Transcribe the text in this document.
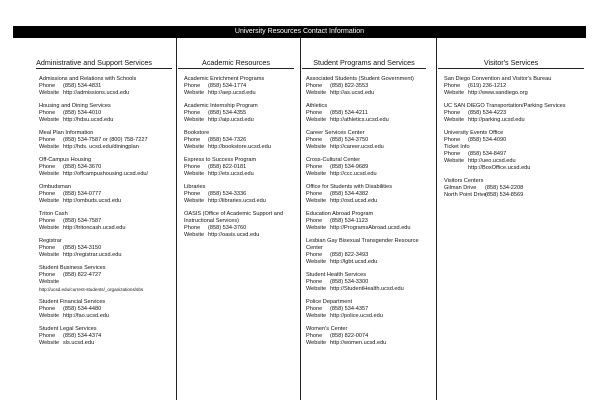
University Resources Contact Information
Administrative and Support Services
Admissions and Relations with Schools
Phone (858) 534-4831
Website http://admissions.ucsd.edu
Housing and Dining Services
Phone (858) 534-4010
Website http://hdsu.ucsd.edu
Meal Plan Information
Phone (858) 534-7587 or (800) 758-7227
Website http://hds. ucsd.edu/diningplan
Off-Campus Housing
Phone (858) 534-3670
Website http://offcampushousing.ucsd.edu/
Ombudsman
Phone (858) 534-0777
Website http://ombuds.ucsd.edu
Triton Cash
Phone (858) 534-7587
Website http://tritoncash.ucsd.edu
Registrar
Phone (858) 534-3150
Website http://registrar.ucsd.edu
Student Business Services
Phone (858) 822-4727
Website
http://ucsd.edu/current-students/_organizations/sbs
Student Financial Services
Phone (858) 534-4480
Website http://fao.ucsd.edu
Student Legal Services
Phone (858) 534-4374
Website sls.ucsd.edu
Academic Resources
Academic Enrichment Programs
Phone (858) 534-1774
Website http://aep.ucsd.edu
Academic Internship Program
Phone (858) 534-4355
Website http://aip.ucsd.edu
Bookstore
Phone (858) 534-7326
Website http://bookstore.ucsd.edu
Express to Success Program
Phone (858) 822-0181
Website http://ets.ucsd.edu
Libraries
Phone (858) 534-3336
Website http://libraries.ucsd.edu
OASIS (Office of Academic Support and Instructional Services)
Phone (858) 534-3760
Website http://oasis.ucsd.edu
Student Programs and Services
Associated Students (Student Government)
Phone (858) 822-3553
Website http://as.ucsd.edu
Athletics
Phone (858) 534-4211
Website http://athletics.ucsd.edu
Career Services Center
Phone (858) 534-3750
Website http://career.ucsd.edu
Cross-Cultural Center
Phone (858) 534-9689
Website http://ccc.ucsd.edu
Office for Students with Disabilities
Phone (858) 534-4382
Website http://osd.ucsd.edu
Education Abroad Program
Phone (858) 534-1123
Website http://ProgramsAbroad.ucsd.edu
Lesbian Gay Bisexual Transgender Resource Center
Phone (858) 822-3493
Website http://lgbt.ucsd.edu
Student Health Services
Phone (858) 534-3300
Website http://StudentHealth.ucsd.edu
Police Department
Phone (858) 534-4357
Website http://police.ucsd.edu
Women's Center
Phone (858) 822-0074
Website http://women.ucsd.edu
Visitor's Services
San Diego Convention and Visitor's Bureau
Phone (619) 236-1212
Website http://www.sandiego.org
UC SAN DIEGO Transportation/Parking Services
Phone (858) 534-4223
Website http://parking.ucsd.edu
University Events Office
Phone (858) 534-4090
Ticket Info
Phone (858) 534-8497
Website http://ueo.ucsd.edu
http://BoxOffice.ucsd.edu
Visitors Centers
Gilman Drive (858) 534-2208
North Point Drive(858) 534-8569
